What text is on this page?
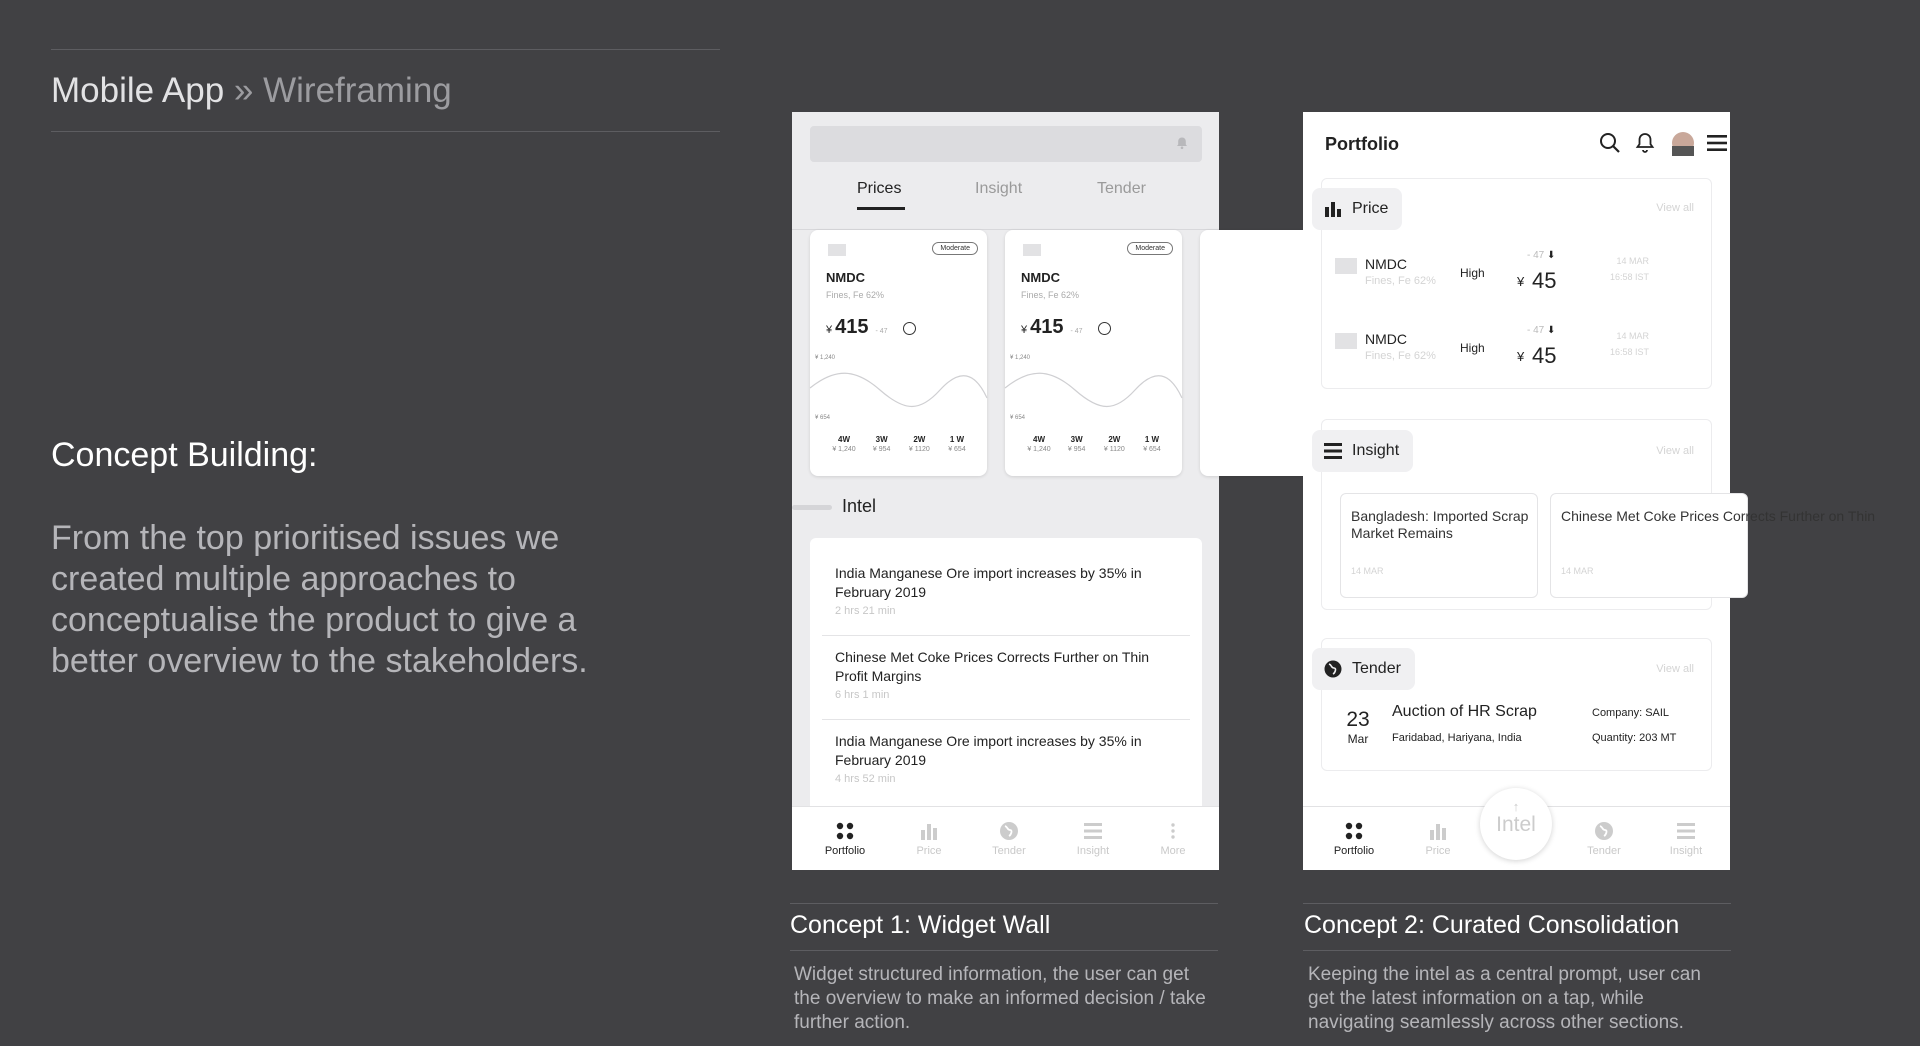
Mobile App » Wireframing
Concept Building:
From the top prioritised issues we created multiple approaches to conceptualise the product to give a better overview to the stakeholders.
Prices	Insight	Tender
Moderate
NMDC
Fines, Fe 62%
¥ 415 - 47
¥ 1,240
¥ 654
4W
¥ 1,240
3W
¥ 954
2W
¥ 1120
1 W
¥ 654
Moderate
NMDC
Fines, Fe 62%
¥ 415 - 47
¥ 1,240
¥ 654
4W
¥ 1,240
3W
¥ 954
2W
¥ 1120
1 W
¥ 654
Intel
India Manganese Ore import increases by 35% in February 2019
2 hrs 21 min
Chinese Met Coke Prices Corrects Further on Thin Profit Margins
6 hrs 1 min
India Manganese Ore import increases by 35% in February 2019
4 hrs 52 min
Portfolio	Price	Tender	Insight	More
Portfolio
Price	View all
NMDC
Fines, Fe 62%
High
- 47 ⬇
¥ 45
14 MAR
16:58 IST
NMDC
Fines, Fe 62%
High
- 47 ⬇
¥ 45
14 MAR
16:58 IST
Insight	View all
Bangladesh: Imported Scrap Market Remains
14 MAR
Chinese Met Coke Prices Corrects Further on Thin
14 MAR
Tender	View all
23
Mar
Auction of HR Scrap
Faridabad, Hariyana, India
Company: SAIL
Quantity: 203 MT
Portfolio	Price	Tender	Insight
↑
Intel
Concept 1: Widget Wall
Widget structured information, the user can get the overview to make an informed decision / take further action.
Concept 2: Curated Consolidation
Keeping the intel as a central prompt, user can get the latest information on a tap, while navigating seamlessly across other sections.
